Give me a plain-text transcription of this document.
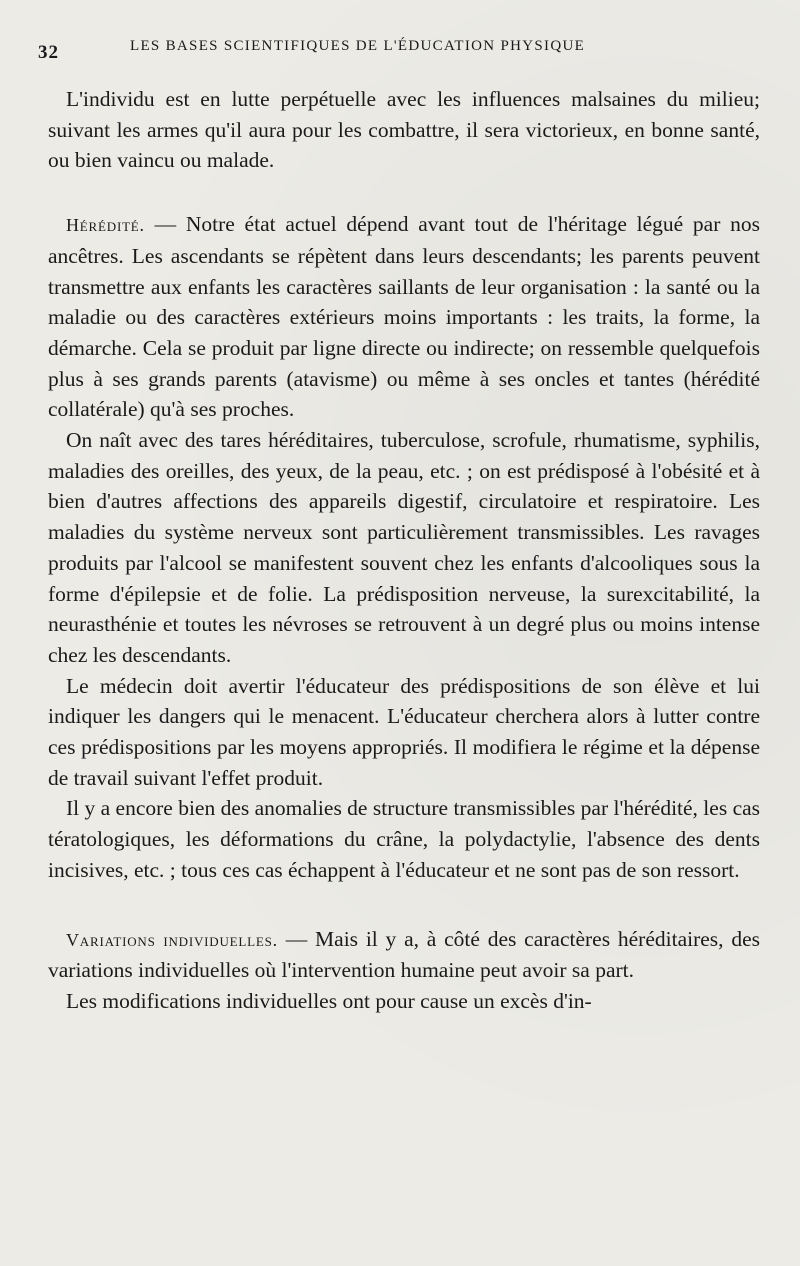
32	LES BASES SCIENTIFIQUES DE L'ÉDUCATION PHYSIQUE

L'individu est en lutte perpétuelle avec les influences malsaines du milieu; suivant les armes qu'il aura pour les combattre, il sera victorieux, en bonne santé, ou bien vaincu ou malade.

Hérédité. — Notre état actuel dépend avant tout de l'héritage légué par nos ancêtres. Les ascendants se répètent dans leurs descendants; les parents peuvent transmettre aux enfants les caractères saillants de leur organisation : la santé ou la maladie ou des caractères extérieurs moins importants : les traits, la forme, la démarche. Cela se produit par ligne directe ou indirecte; on ressemble quelquefois plus à ses grands parents (atavisme) ou même à ses oncles et tantes (hérédité collatérale) qu'à ses proches.

On naît avec des tares héréditaires, tuberculose, scrofule, rhumatisme, syphilis, maladies des oreilles, des yeux, de la peau, etc. ; on est prédisposé à l'obésité et à bien d'autres affections des appareils digestif, circulatoire et respiratoire. Les maladies du système nerveux sont particulièrement transmissibles. Les ravages produits par l'alcool se manifestent souvent chez les enfants d'alcooliques sous la forme d'épilepsie et de folie. La prédisposition nerveuse, la surexcitabilité, la neurasthénie et toutes les névroses se retrouvent à un degré plus ou moins intense chez les descendants.

Le médecin doit avertir l'éducateur des prédispositions de son élève et lui indiquer les dangers qui le menacent. L'éducateur cherchera alors à lutter contre ces prédispositions par les moyens appropriés. Il modifiera le régime et la dépense de travail suivant l'effet produit.

Il y a encore bien des anomalies de structure transmissibles par l'hérédité, les cas tératologiques, les déformations du crâne, la polydactylie, l'absence des dents incisives, etc. ; tous ces cas échappent à l'éducateur et ne sont pas de son ressort.

Variations individuelles. — Mais il y a, à côté des caractères héréditaires, des variations individuelles où l'intervention humaine peut avoir sa part.

Les modifications individuelles ont pour cause un excès d'in-
